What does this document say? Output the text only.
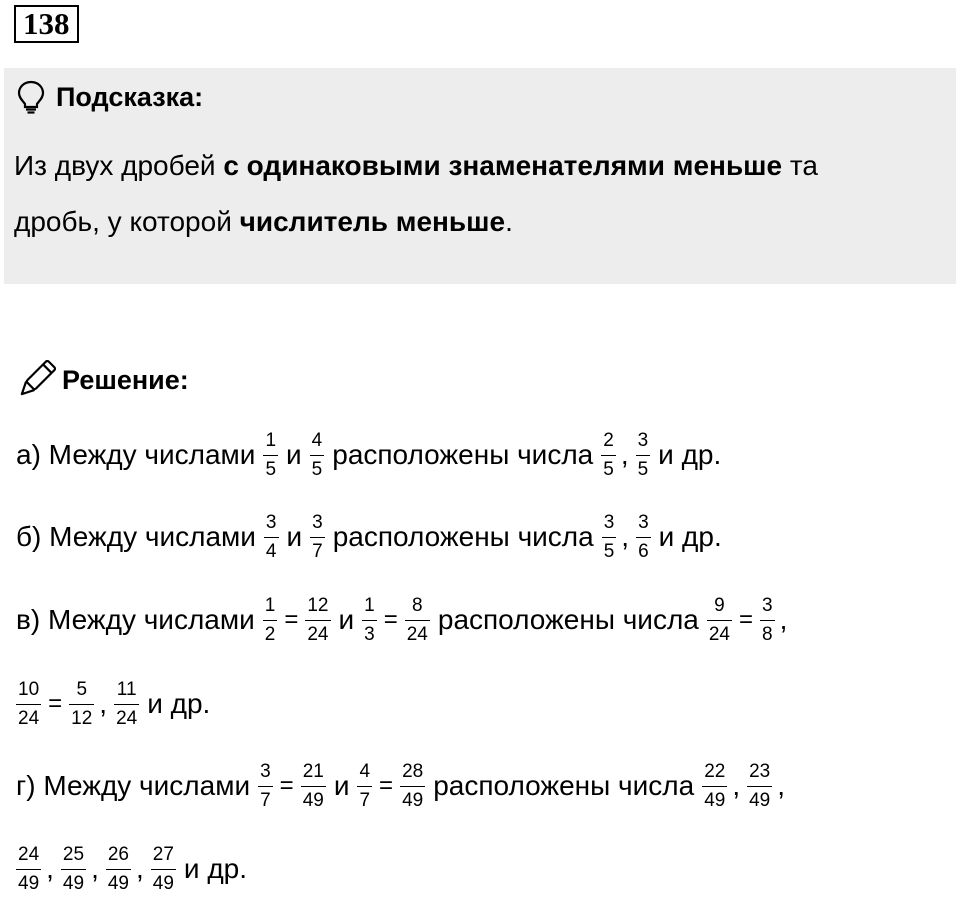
138
Подсказка:
Из двух дробей с одинаковыми знаменателями меньше та
дробь, у которой числитель меньше.
Решение:
а) Между числами $\frac{1}{5}$ и $\frac{4}{5}$ расположены числа $\frac{2}{5}$ , $\frac{3}{5}$ и др.
б) Между числами $\frac{3}{4}$ и $\frac{3}{7}$ расположены числа $\frac{3}{5}$ , $\frac{3}{6}$ и др.
в) Между числами $\frac{1}{2} = \frac{12}{24}$ и $\frac{1}{3} = \frac{8}{24}$ расположены числа $\frac{9}{24} = \frac{3}{8}$ ,
$\frac{10}{24} = \frac{5}{12}$ , $\frac{11}{24}$ и др.
г) Между числами $\frac{3}{7} = \frac{21}{49}$ и $\frac{4}{7} = \frac{28}{49}$ расположены числа $\frac{22}{49}$ , $\frac{23}{49}$ ,
$\frac{24}{49}$ , $\frac{25}{49}$ , $\frac{26}{49}$ , $\frac{27}{49}$ и др.
